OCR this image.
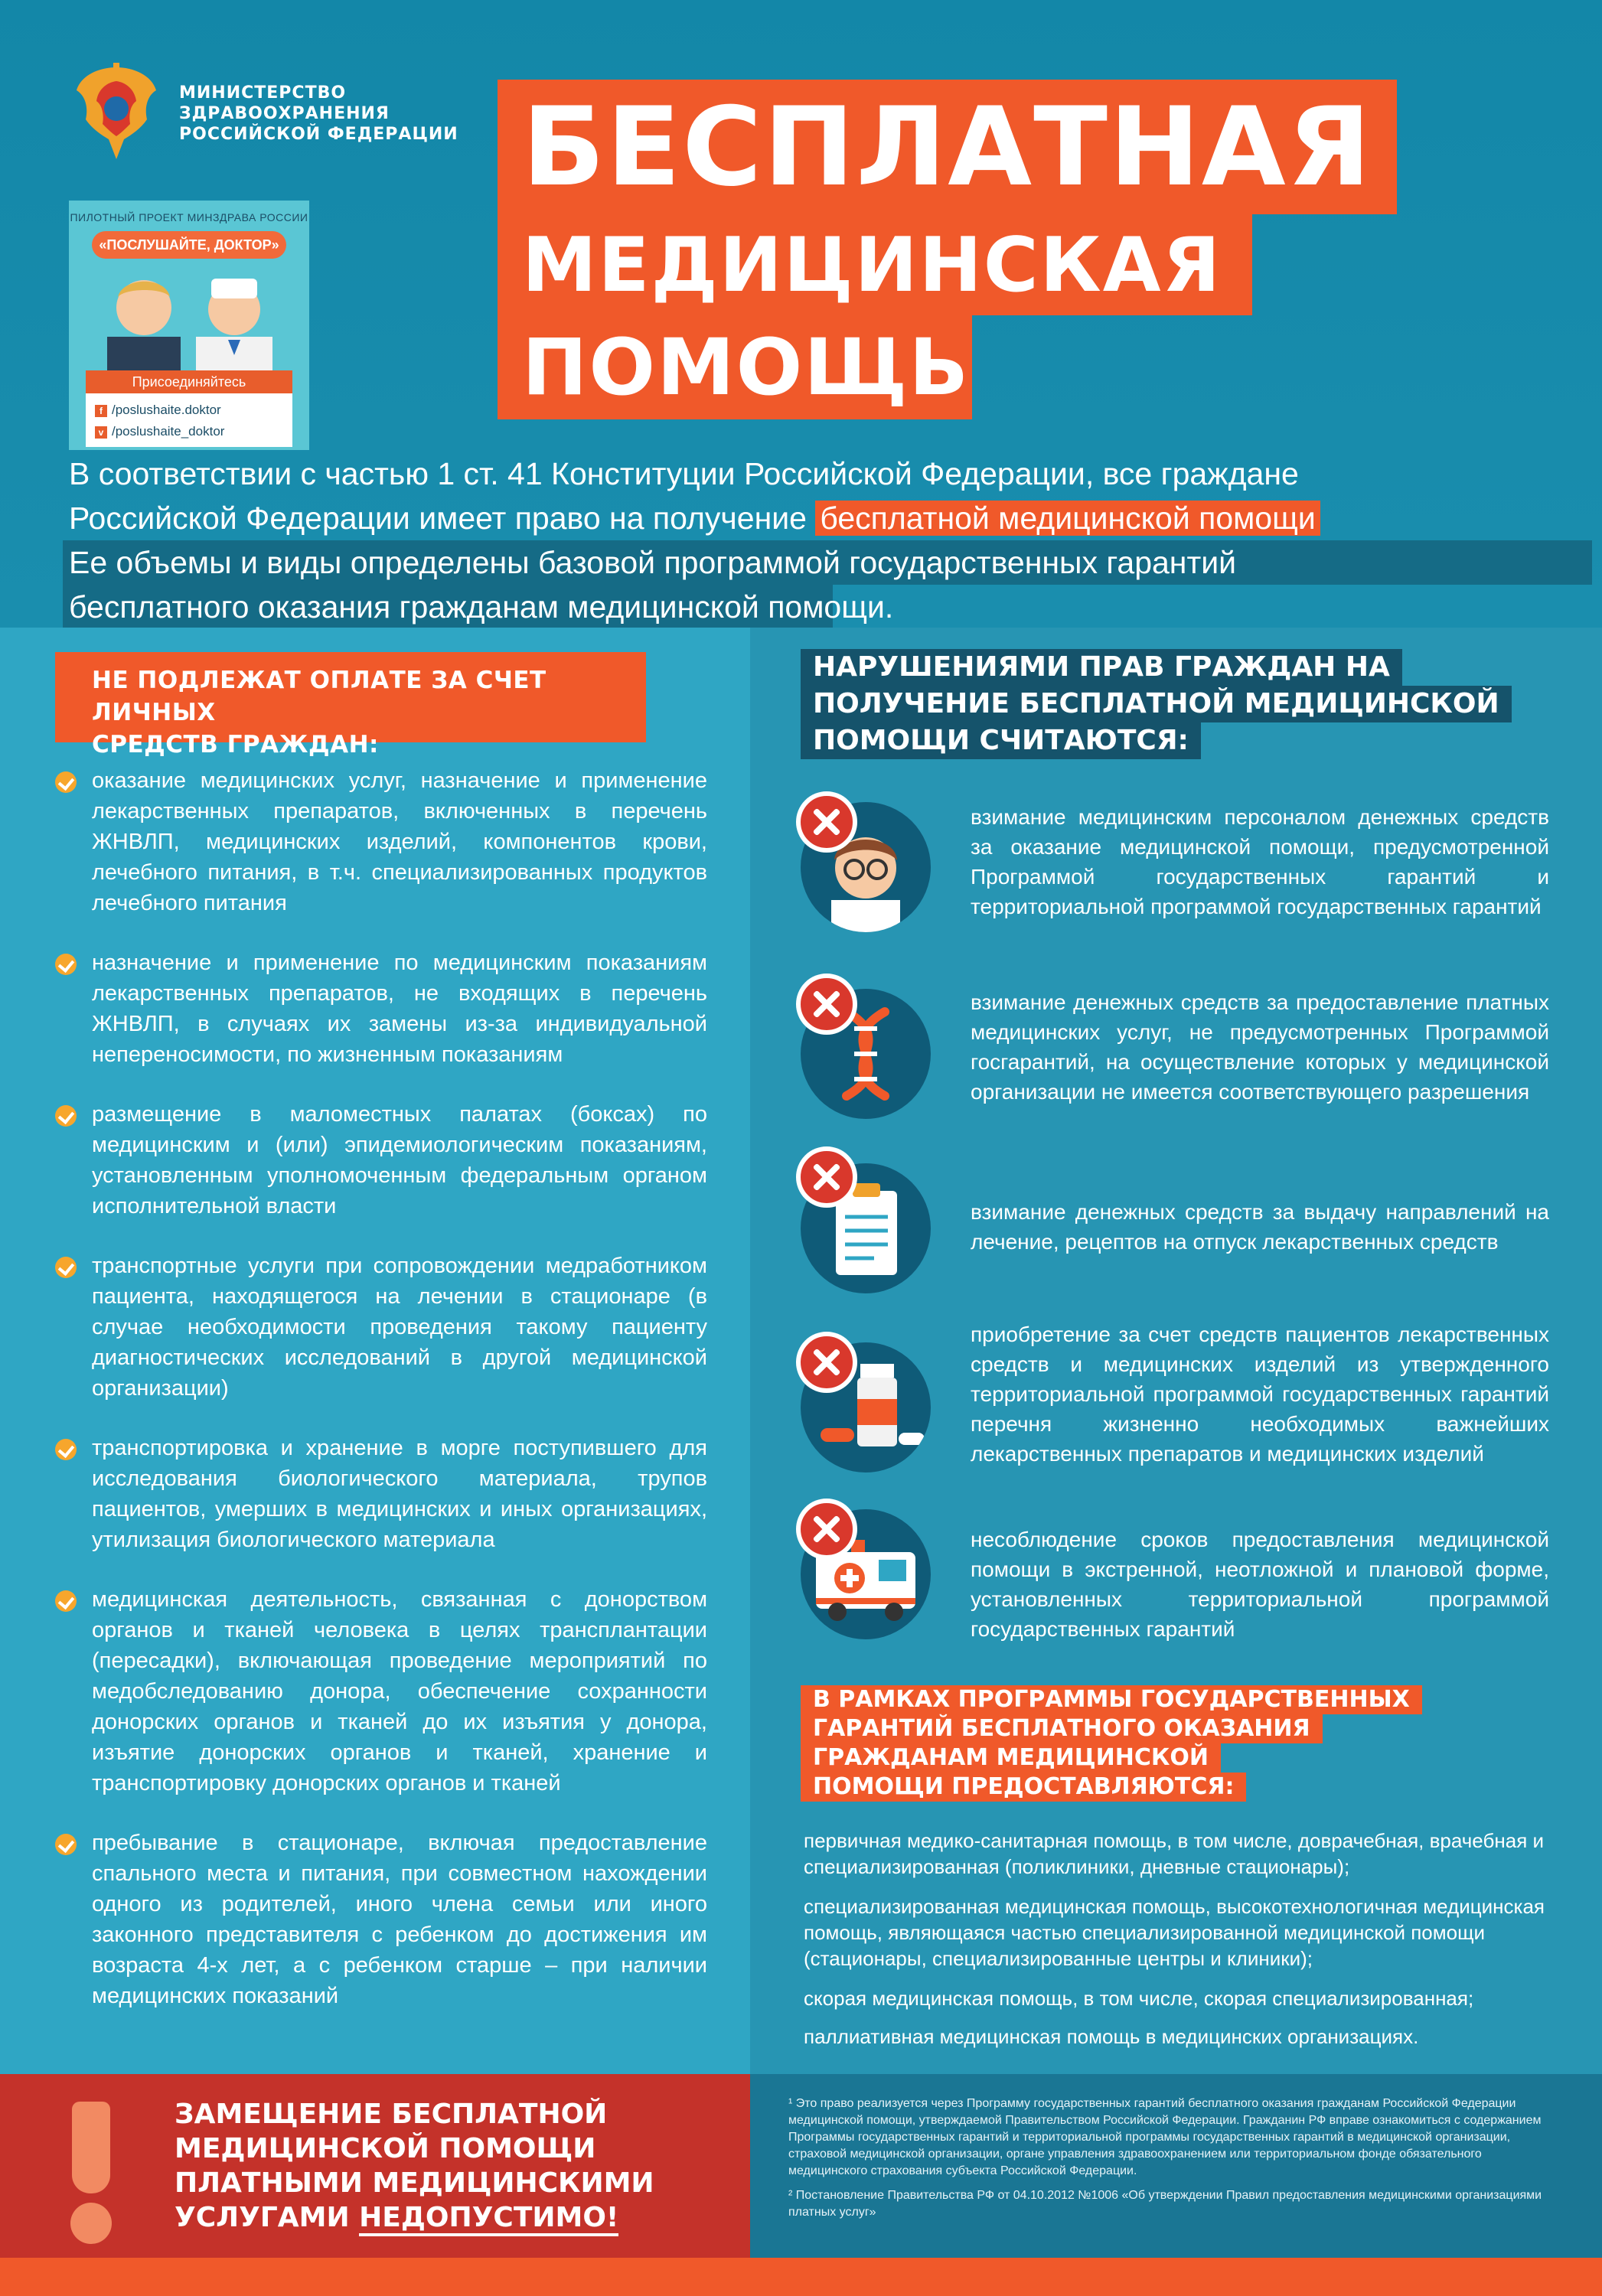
МИНИСТЕРСТВО
ЗДРАВООХРАНЕНИЯ
РОССИЙСКОЙ ФЕДЕРАЦИИ
ПИЛОТНЫЙ ПРОЕКТ МИНЗДРАВА РОССИИ
«ПОСЛУШАЙТЕ, ДОКТОР»
Присоединяйтесь
f /poslushaite.doktor
v /poslushaite_doktor
БЕСПЛАТНАЯ
МЕДИЦИНСКАЯ
ПОМОЩЬ
В соответствии с частью 1 ст. 41 Конституции Российской Федерации, все граждане
Российской Федерации имеет право на получение бесплатной медицинской помощи
Ее объемы и виды определены базовой программой государственных гарантий
бесплатного оказания гражданам медицинской помощи.
НЕ ПОДЛЕЖАТ ОПЛАТЕ ЗА СЧЕТ ЛИЧНЫХ
СРЕДСТВ ГРАЖДАН:
оказание медицинских услуг, назначение и применение лекарственных препаратов, включенных в перечень ЖНВЛП, медицинских изделий, компонентов крови, лечебного питания, в т.ч. специализированных продуктов лечебного питания
назначение и применение по медицинским показаниям лекарственных препаратов, не входящих в перечень ЖНВЛП, в случаях их замены из-за индивидуальной непереносимости, по жизненным показаниям
размещение в маломестных палатах (боксах) по медицинским и (или) эпидемиологическим показаниям, установленным уполномоченным федеральным органом исполнительной власти
транспортные услуги при сопровождении медработником пациента, находящегося на лечении в стационаре (в случае необходимости проведения такому пациенту диагностических исследований в другой медицинской организации)
транспортировка и хранение в морге поступившего для исследования биологического материала, трупов пациентов, умерших в медицинских и иных организациях, утилизация биологического материала
медицинская деятельность, связанная с донорством органов и тканей человека в целях трансплантации (пересадки), включающая проведение мероприятий по медобследованию донора, обеспечение сохранности донорских органов и тканей до их изъятия у донора, изъятие донорских органов и тканей, хранение и транспортировку донорских органов и тканей
пребывание в стационаре, включая предоставление спального места и питания, при совместном нахождении одного из родителей, иного члена семьи или иного законного представителя с ребенком до достижения им возраста 4-х лет, а с ребенком старше – при наличии медицинских показаний
НАРУШЕНИЯМИ ПРАВ ГРАЖДАН НА
ПОЛУЧЕНИЕ БЕСПЛАТНОЙ МЕДИЦИНСКОЙ
ПОМОЩИ СЧИТАЮТСЯ:
взимание медицинским персоналом денежных средств за оказание медицинской помощи, предусмотренной Программой государственных гарантий и территориальной программой государственных гарантий
взимание денежных средств за предоставление платных медицинских услуг, не предусмотренных Программой госгарантий, на осуществление которых у медицинской организации не имеется соответствующего разрешения
взимание денежных средств за выдачу направлений на лечение, рецептов на отпуск лекарственных средств
приобретение за счет средств пациентов лекарственных средств и медицинских изделий из утвержденного территориальной программой государственных гарантий перечня жизненно необходимых важнейших лекарственных препаратов и медицинских изделий
несоблюдение сроков предоставления медицинской помощи в экстренной, неотложной и плановой форме, установленных территориальной программой государственных гарантий
В РАМКАХ ПРОГРАММЫ ГОСУДАРСТВЕННЫХ
ГАРАНТИЙ БЕСПЛАТНОГО ОКАЗАНИЯ
ГРАЖДАНАМ МЕДИЦИНСКОЙ
ПОМОЩИ ПРЕДОСТАВЛЯЮТСЯ:
первичная медико-санитарная помощь, в том числе, доврачебная, врачебная и специализированная (поликлиники, дневные стационары);
специализированная медицинская помощь, высокотехнологичная медицинская помощь, являющаяся частью специализированной медицинской помощи (стационары, специализированные центры и клиники);
скорая медицинская помощь, в том числе, скорая специализированная;
паллиативная медицинская помощь в медицинских организациях.
ЗАМЕЩЕНИЕ БЕСПЛАТНОЙ
МЕДИЦИНСКОЙ ПОМОЩИ
ПЛАТНЫМИ МЕДИЦИНСКИМИ
УСЛУГАМИ НЕДОПУСТИМО!

¹ Это право реализуется через Программу государственных гарантий бесплатного оказания гражданам Российской Федерации медицинской помощи, утверждаемой Правительством Российской Федерации. Гражданин РФ вправе ознакомиться с содержанием Программы государственных гарантий и территориальной программы государственных гарантий в медицинской организации, страховой медицинской организации, органе управления здравоохранением или территориальном фонде обязательного медицинского страхования субъекта Российской Федерации.

² Постановление Правительства РФ от 04.10.2012 №1006 «Об утверждении Правил предоставления медицинскими организациями платных услуг»
